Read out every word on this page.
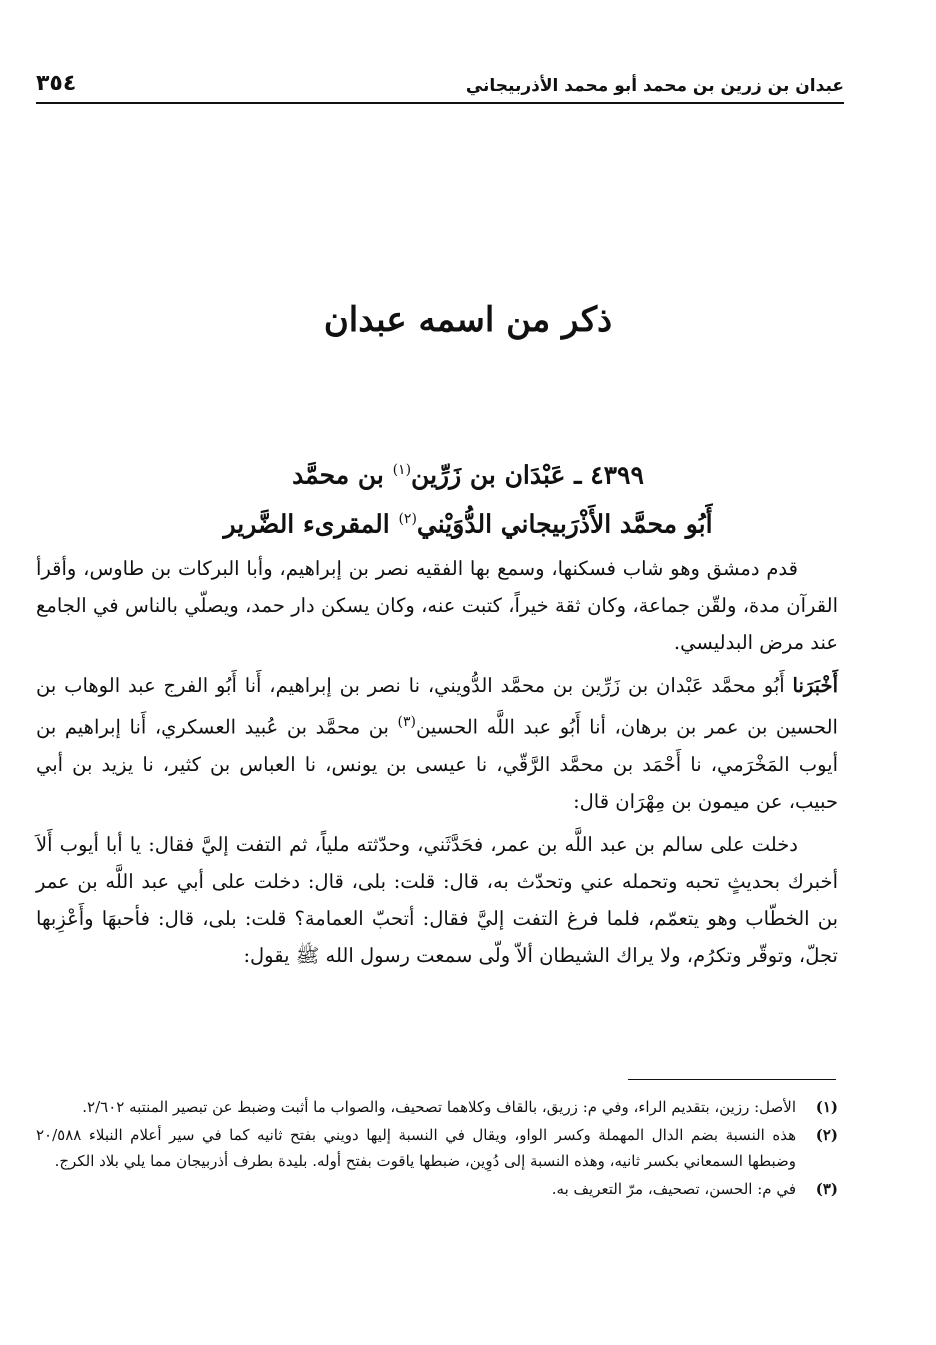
عبدان بن زرين بن محمد أبو محمد الأذربيجاني
٣٥٤
ذكر من اسمه عبدان
٤٣٩٩ ـ عَبْدَان بن زَرِّين$^{(١)}$ بن محمَّد
أَبُو محمَّد الأَذْرَبيجاني الدُّوَيْني$^{(٢)}$ المقرىء الضَّرير

قدم دمشق وهو شاب فسكنها، وسمع بها الفقيه نصر بن إبراهيم، وأبا البركات بن طاوس، وأقرأ القرآن مدة، ولقّن جماعة، وكان ثقة خيراً، كتبت عنه، وكان يسكن دار حمد، ويصلّي بالناس في الجامع عند مرض البدليسي.

أَخْبَرَنا أَبُو محمَّد عَبْدان بن زَرِّين بن محمَّد الدُّويني، نا نصر بن إبراهيم، أَنا أَبُو الفرج عبد الوهاب بن الحسين بن عمر بن برهان، أنا أَبُو عبد اللَّه الحسين$^{(٣)}$ بن محمَّد بن عُبيد العسكري، أَنا إبراهيم بن أيوب المَخْرَمي، نا أَحْمَد بن محمَّد الرَّقّي، نا عيسى بن يونس، نا العباس بن كثير، نا يزيد بن أبي حبيب، عن ميمون بن مِهْرَان قال:

دخلت على سالم بن عبد اللَّه بن عمر، فحَدَّثَني، وحدّثته ملياً، ثم التفت إليَّ فقال: يا أبا أيوب أَلاَ أخبرك بحديثٍ تحبه وتحمله عني وتحدّث به، قال: قلت: بلى، قال: دخلت على أبي عبد اللَّه بن عمر بن الخطّاب وهو يتعمّم، فلما فرغ التفت إليَّ فقال: أتحبّ العمامة؟ قلت: بلى، قال: فأحبهَا وأَعْزِبها تجلّ، وتوقّر وتكرُم، ولا يراك الشيطان ألاّ ولّى سمعت رسول الله ﷺ يقول:

(١)
الأصل: رزين، بتقديم الراء، وفي م: زريق، بالقاف وكلاهما تصحيف، والصواب ما أثبت وضبط عن تبصير المنتبه ٢/٦٠٢.
(٢)
هذه النسبة بضم الدال المهملة وكسر الواو، ويقال في النسبة إليها دويني بفتح ثانيه كما في سير أعلام النبلاء ٢٠/٥٨٨ وضبطها السمعاني بكسر ثانيه، وهذه النسبة إلى دُوِين، ضبطها ياقوت بفتح أوله. بليدة بطرف أذربيجان مما يلي بلاد الكرج.
(٣)
في م: الحسن، تصحيف، مرّ التعريف به.
